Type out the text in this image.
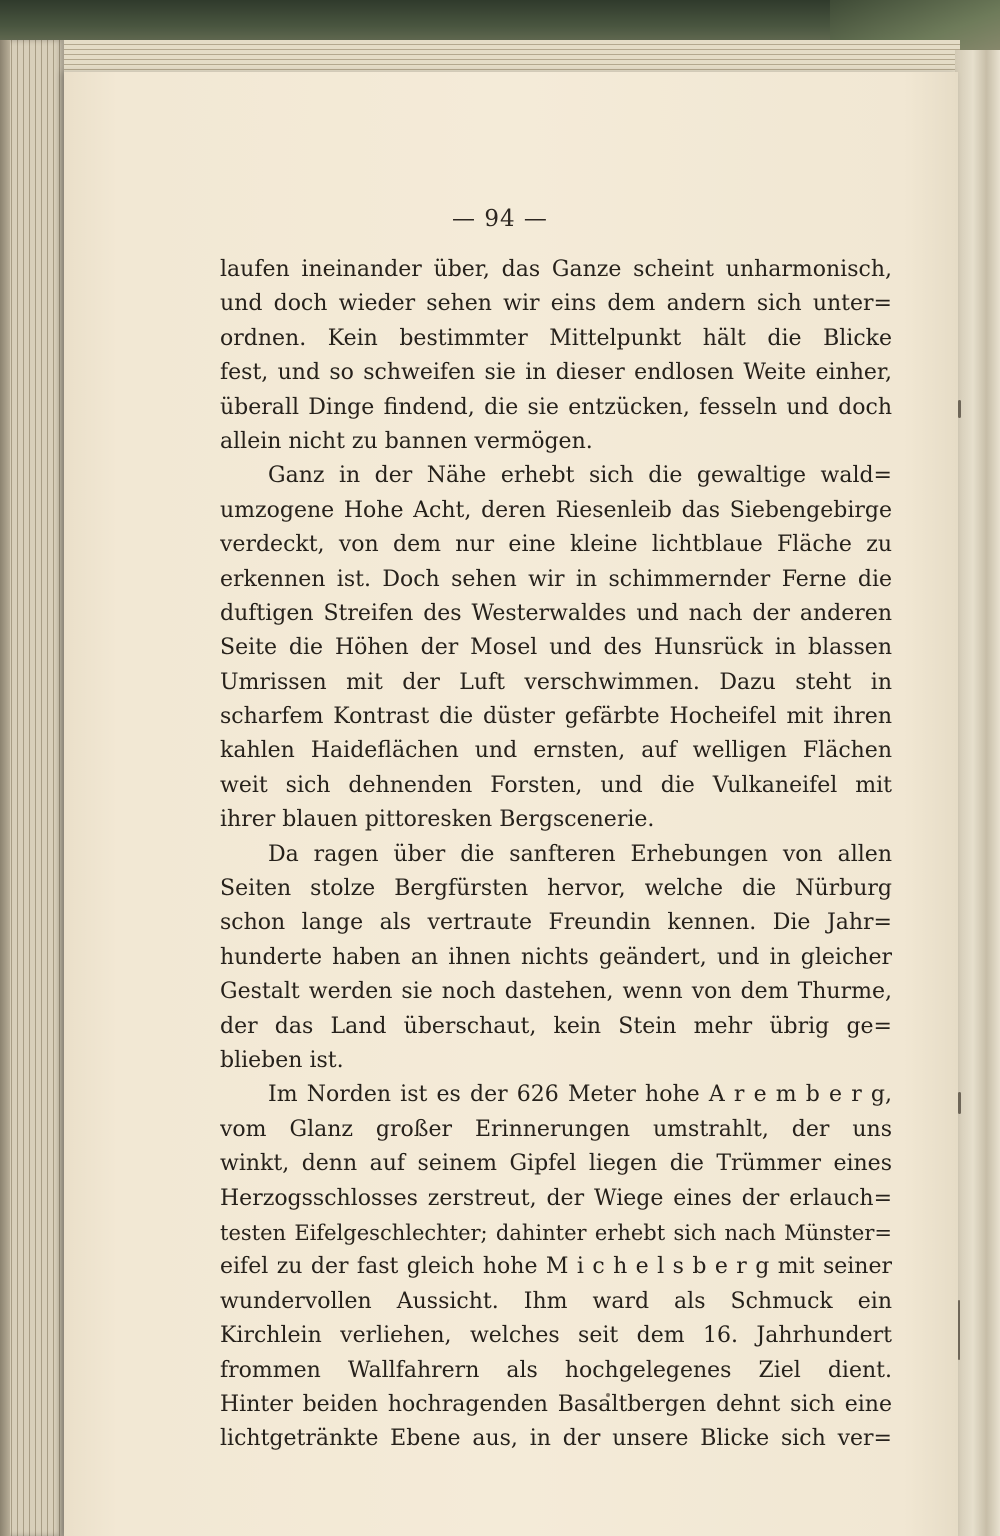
— 94 —
laufen ineinander über, das Ganze scheint unharmonisch,
und doch wieder sehen wir eins dem andern sich unter=
ordnen. Kein bestimmter Mittelpunkt hält die Blicke
fest, und so schweifen sie in dieser endlosen Weite einher,
überall Dinge findend, die sie entzücken, fesseln und doch
allein nicht zu bannen vermögen.
Ganz in der Nähe erhebt sich die gewaltige wald=
umzogene Hohe Acht, deren Riesenleib das Siebengebirge
verdeckt, von dem nur eine kleine lichtblaue Fläche zu
erkennen ist. Doch sehen wir in schimmernder Ferne die
duftigen Streifen des Westerwaldes und nach der anderen
Seite die Höhen der Mosel und des Hunsrück in blassen
Umrissen mit der Luft verschwimmen. Dazu steht in
scharfem Kontrast die düster gefärbte Hocheifel mit ihren
kahlen Haideflächen und ernsten, auf welligen Flächen
weit sich dehnenden Forsten, und die Vulkaneifel mit
ihrer blauen pittoresken Bergscenerie.
Da ragen über die sanfteren Erhebungen von allen
Seiten stolze Bergfürsten hervor, welche die Nürburg
schon lange als vertraute Freundin kennen. Die Jahr=
hunderte haben an ihnen nichts geändert, und in gleicher
Gestalt werden sie noch dastehen, wenn von dem Thurme,
der das Land überschaut, kein Stein mehr übrig ge=
blieben ist.
Im Norden ist es der 626 Meter hohe A r e m b e r g,
vom Glanz großer Erinnerungen umstrahlt, der uns
winkt, denn auf seinem Gipfel liegen die Trümmer eines
Herzogsschlosses zerstreut, der Wiege eines der erlauch=
testen Eifelgeschlechter; dahinter erhebt sich nach Münster=
eifel zu der fast gleich hohe M i c h e l s b e r g mit seiner
wundervollen Aussicht. Ihm ward als Schmuck ein
Kirchlein verliehen, welches seit dem 16. Jahrhundert
frommen Wallfahrern als hochgelegenes Ziel dient.
Hinter beiden hochragenden Basaltbergen dehnt sich eine
lichtgetränkte Ebene aus, in der unsere Blicke sich ver=
